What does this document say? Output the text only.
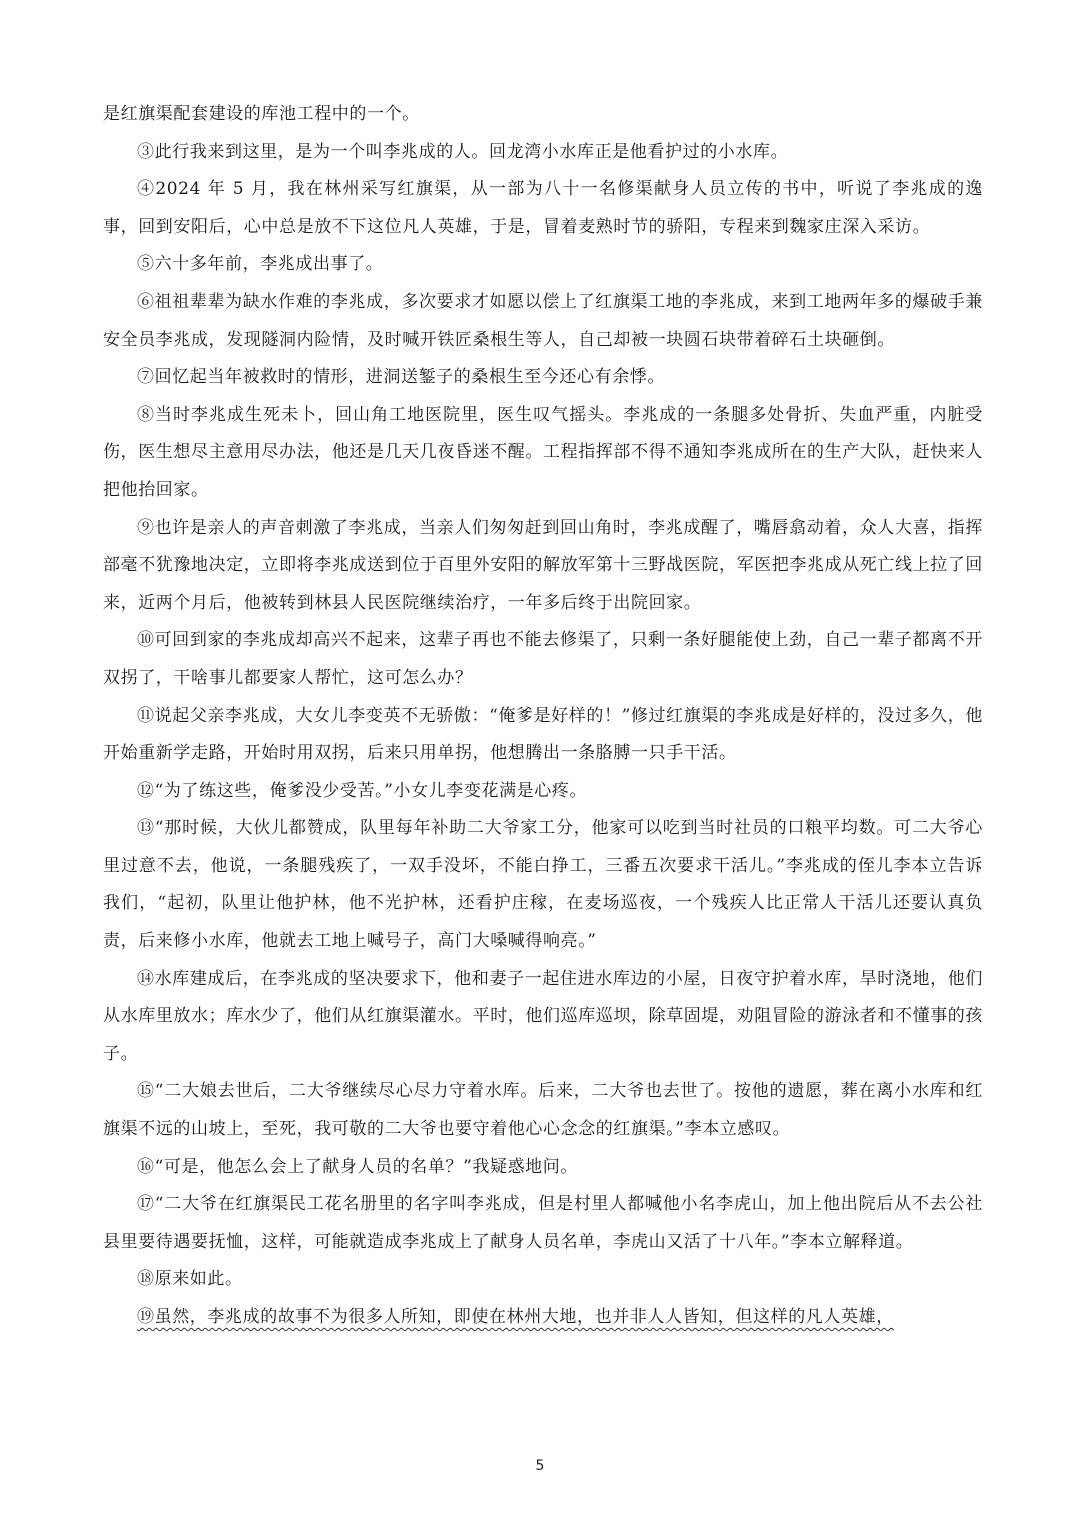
是红旗渠配套建设的库池工程中的一个。

③此行我来到这里，是为一个叫李兆成的人。回龙湾小水库正是他看护过的小水库。

④2024 年 5 月，我在林州采写红旗渠，从一部为八十一名修渠献身人员立传的书中，听说了李兆成的逸事，回到安阳后，心中总是放不下这位凡人英雄，于是，冒着麦熟时节的骄阳，专程来到魏家庄深入采访。

⑤六十多年前，李兆成出事了。

⑥祖祖辈辈为缺水作难的李兆成，多次要求才如愿以偿上了红旗渠工地的李兆成，来到工地两年多的爆破手兼安全员李兆成，发现隧洞内险情，及时喊开铁匠桑根生等人，自己却被一块圆石块带着碎石土块砸倒。

⑦回忆起当年被救时的情形，进洞送錾子的桑根生至今还心有余悸。

⑧当时李兆成生死未卜，回山角工地医院里，医生叹气摇头。李兆成的一条腿多处骨折、失血严重，内脏受伤，医生想尽主意用尽办法，他还是几天几夜昏迷不醒。工程指挥部不得不通知李兆成所在的生产大队，赶快来人把他抬回家。

⑨也许是亲人的声音刺激了李兆成，当亲人们匆匆赶到回山角时，李兆成醒了，嘴唇翕动着，众人大喜，指挥部毫不犹豫地决定，立即将李兆成送到位于百里外安阳的解放军第十三野战医院，军医把李兆成从死亡线上拉了回来，近两个月后，他被转到林县人民医院继续治疗，一年多后终于出院回家。

⑩可回到家的李兆成却高兴不起来，这辈子再也不能去修渠了，只剩一条好腿能使上劲，自己一辈子都离不开双拐了，干啥事儿都要家人帮忙，这可怎么办？

⑪说起父亲李兆成，大女儿李变英不无骄傲：“俺爹是好样的！”修过红旗渠的李兆成是好样的，没过多久，他开始重新学走路，开始时用双拐，后来只用单拐，他想腾出一条胳膊一只手干活。

⑫“为了练这些，俺爹没少受苦。”小女儿李变花满是心疼。

⑬“那时候，大伙儿都赞成，队里每年补助二大爷家工分，他家可以吃到当时社员的口粮平均数。可二大爷心里过意不去，他说，一条腿残疾了，一双手没坏，不能白挣工，三番五次要求干活儿。”李兆成的侄儿李本立告诉我们，“起初，队里让他护林，他不光护林，还看护庄稼，在麦场巡夜，一个残疾人比正常人干活儿还要认真负责，后来修小水库，他就去工地上喊号子，高门大嗓喊得响亮。”

⑭水库建成后，在李兆成的坚决要求下，他和妻子一起住进水库边的小屋，日夜守护着水库，旱时浇地，他们从水库里放水；库水少了，他们从红旗渠灌水。平时，他们巡库巡坝，除草固堤，劝阻冒险的游泳者和不懂事的孩子。

⑮“二大娘去世后，二大爷继续尽心尽力守着水库。后来，二大爷也去世了。按他的遗愿，葬在离小水库和红旗渠不远的山坡上，至死，我可敬的二大爷也要守着他心心念念的红旗渠。”李本立感叹。

⑯“可是，他怎么会上了献身人员的名单？”我疑惑地问。

⑰“二大爷在红旗渠民工花名册里的名字叫李兆成，但是村里人都喊他小名李虎山，加上他出院后从不去公社县里要待遇要抚恤，这样，可能就造成李兆成上了献身人员名单，李虎山又活了十八年。”李本立解释道。

⑱原来如此。

⑲虽然，李兆成的故事不为很多人所知，即使在林州大地，也并非人人皆知，但这样的凡人英雄，

5
